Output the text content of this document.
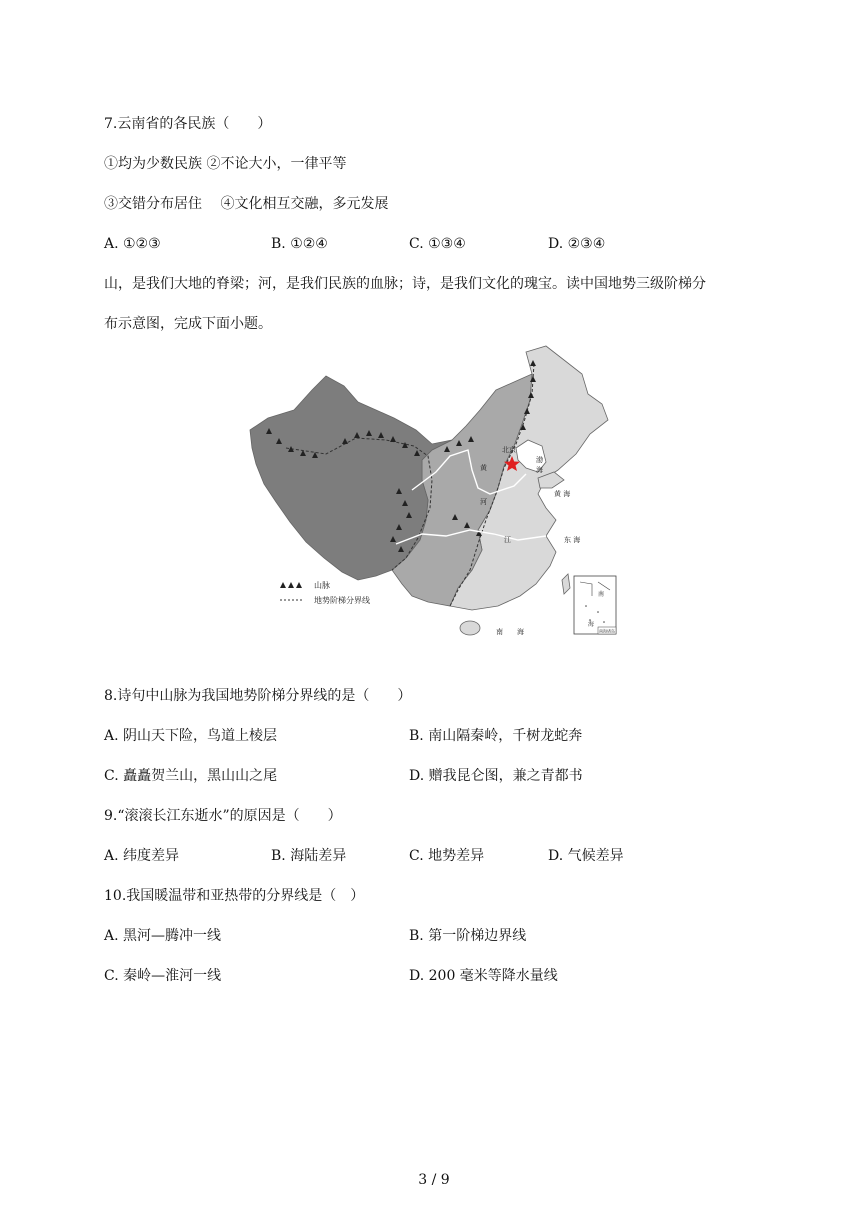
7.云南省的各民族（　　）
①均为少数民族 ②不论大小，一律平等
③交错分布居住　 ④文化相互交融，多元发展
A. ①②③	B. ①②④	C. ①③④	D. ②③④
山，是我们大地的脊梁；河，是我们民族的血脉；诗，是我们文化的瑰宝。读中国地势三级阶梯分
布示意图，完成下面小题。
北京
渤
海
黄 海
东 海
南　　海
黄
河
江
南
海
南海诸岛
山脉
地势阶梯分界线
8.诗句中山脉为我国地势阶梯分界线的是（　　）
A. 阴山天下险，鸟道上棱层	B. 南山隔秦岭，千树龙蛇奔
C. 矗矗贺兰山，黑山山之尾	D. 赠我昆仑图，兼之青都书
9.“滚滚长江东逝水”的原因是（　　）
A. 纬度差异	B. 海陆差异	C. 地势差异	D. 气候差异
10.我国暖温带和亚热带的分界线是（　）
A. 黑河—腾冲一线	B. 第一阶梯边界线
C. 秦岭—淮河一线	D. 200 毫米等降水量线
3 / 9
